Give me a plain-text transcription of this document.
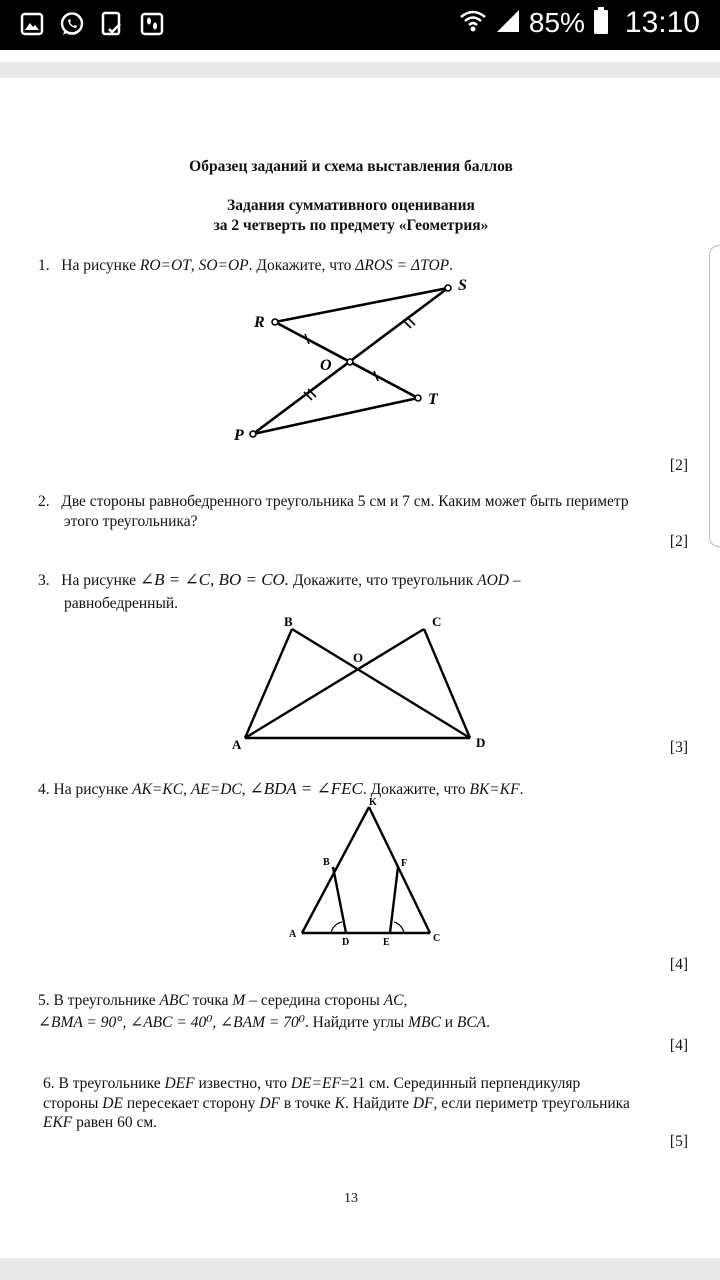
85% 13:10
Образец заданий и схема выставления баллов
Задания суммативного оценивания
за 2 четверть по предмету «Геометрия»
1. На рисунке RO=OT, SO=OP. Докажите, что ΔROS = ΔTOP.
R
S
O
T
P
[2]
2. Две стороны равнобедренного треугольника 5 см и 7 см. Каким может быть периметр
этого треугольника?
[2]
3. На рисунке ∠B = ∠C, BO = CO. Докажите, что треугольник AOD –
равнобедренный.
B	C
O
A	D	[3]
4. На рисунке AK=KC, AE=DC, ∠BDA = ∠FEC. Докажите, что BK=KF.
K
B	F
A
D	E	C
[4]
5. В треугольнике ABC точка M – середина стороны AC,
∠BMA = 90°, ∠ABC = 40⁰, ∠BAM = 70⁰. Найдите углы MBC и BCA.
[4]
6. В треугольнике DEF известно, что DE=EF=21 см. Серединный перпендикуляр
стороны DE пересекает сторону DF в точке K. Найдите DF, если периметр треугольника
EKF равен 60 см.
[5]
13
